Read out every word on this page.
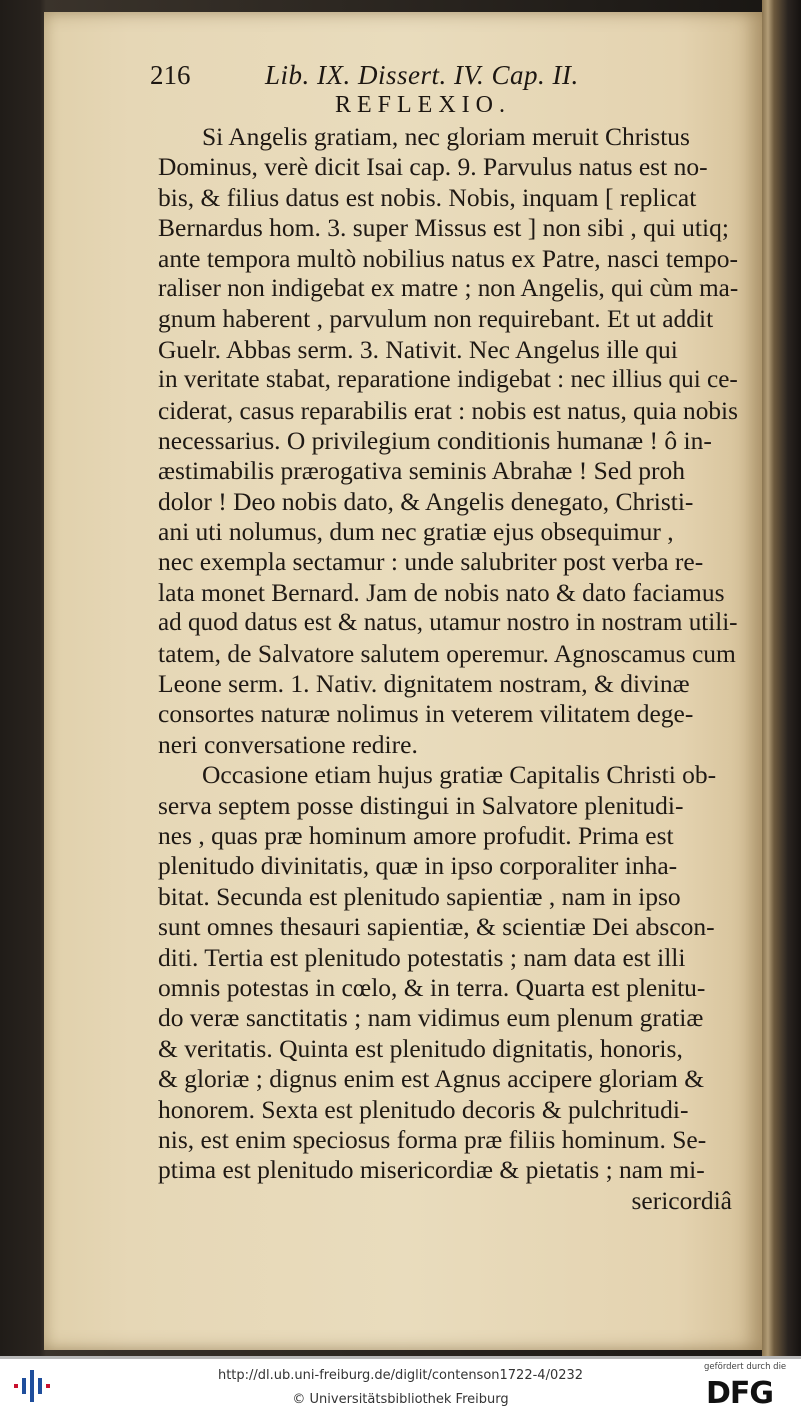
216	Lib. IX. Dissert. IV. Cap. II.
REFLEXIO.
Si Angelis gratiam, nec gloriam meruit Christus
Dominus, verè dicit Isai cap. 9. Parvulus natus est no-
bis, & filius datus est nobis. Nobis, inquam [ replicat
Bernardus hom. 3. super Missus est ] non sibi , qui utiq;
ante tempora multò nobilius natus ex Patre, nasci tempo-
raliser non indigebat ex matre ; non Angelis, qui cùm ma-
gnum haberent , parvulum non requirebant. Et ut addit
Guelr. Abbas serm. 3. Nativit. Nec Angelus ille qui
in veritate stabat, reparatione indigebat : nec illius qui ce-
ciderat, casus reparabilis erat : nobis est natus, quia nobis
necessarius. O privilegium conditionis humanæ ! ô in-
æstimabilis prærogativa seminis Abrahæ ! Sed proh
dolor ! Deo nobis dato, & Angelis denegato, Christi-
ani uti nolumus, dum nec gratiæ ejus obsequimur ,
nec exempla sectamur : unde salubriter post verba re-
lata monet Bernard. Jam de nobis nato & dato faciamus
ad quod datus est & natus, utamur nostro in nostram utili-
tatem, de Salvatore salutem operemur. Agnoscamus cum
Leone serm. 1. Nativ. dignitatem nostram, & divinæ
consortes naturæ nolimus in veterem vilitatem dege-
neri conversatione redire.
Occasione etiam hujus gratiæ Capitalis Christi ob-
serva septem posse distingui in Salvatore plenitudi-
nes , quas præ hominum amore profudit. Prima est
plenitudo divinitatis, quæ in ipso corporaliter inha-
bitat. Secunda est plenitudo sapientiæ , nam in ipso
sunt omnes thesauri sapientiæ, & scientiæ Dei abscon-
diti. Tertia est plenitudo potestatis ; nam data est illi
omnis potestas in cœlo, & in terra. Quarta est plenitu-
do veræ sanctitatis ; nam vidimus eum plenum gratiæ
& veritatis. Quinta est plenitudo dignitatis, honoris,
& gloriæ ; dignus enim est Agnus accipere gloriam &
honorem. Sexta est plenitudo decoris & pulchritudi-
nis, est enim speciosus forma præ filiis hominum. Se-
ptima est plenitudo misericordiæ & pietatis ; nam mi-
sericordiâ
http://dl.ub.uni-freiburg.de/diglit/contenson1722-4/0232
© Universitätsbibliothek Freiburg
gefördert durch die
DFG
